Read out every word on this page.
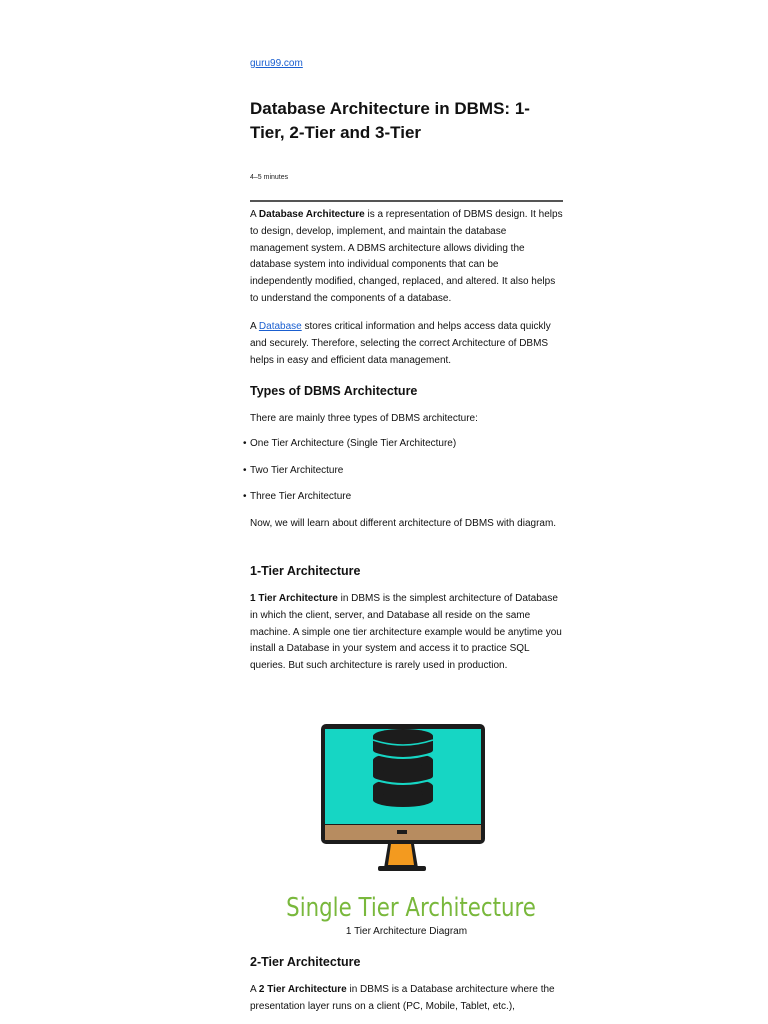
guru99.com
Database Architecture in DBMS: 1-Tier, 2-Tier and 3-Tier
4–5 minutes

A Database Architecture is a representation of DBMS design. It helps to design, develop, implement, and maintain the database management system. A DBMS architecture allows dividing the database system into individual components that can be independently modified, changed, replaced, and altered. It also helps to understand the components of a database.

A Database stores critical information and helps access data quickly and securely. Therefore, selecting the correct Architecture of DBMS helps in easy and efficient data management.

Types of DBMS Architecture

There are mainly three types of DBMS architecture:

• One Tier Architecture (Single Tier Architecture)
• Two Tier Architecture
• Three Tier Architecture

Now, we will learn about different architecture of DBMS with diagram.

1-Tier Architecture

1 Tier Architecture in DBMS is the simplest architecture of Database in which the client, server, and Database all reside on the same machine. A simple one tier architecture example would be anytime you install a Database in your system and access it to practice SQL queries. But such architecture is rarely used in production.

Single Tier Architecture
1 Tier Architecture Diagram
2-Tier Architecture

A 2 Tier Architecture in DBMS is a Database architecture where the presentation layer runs on a client (PC, Mobile, Tablet, etc.),
